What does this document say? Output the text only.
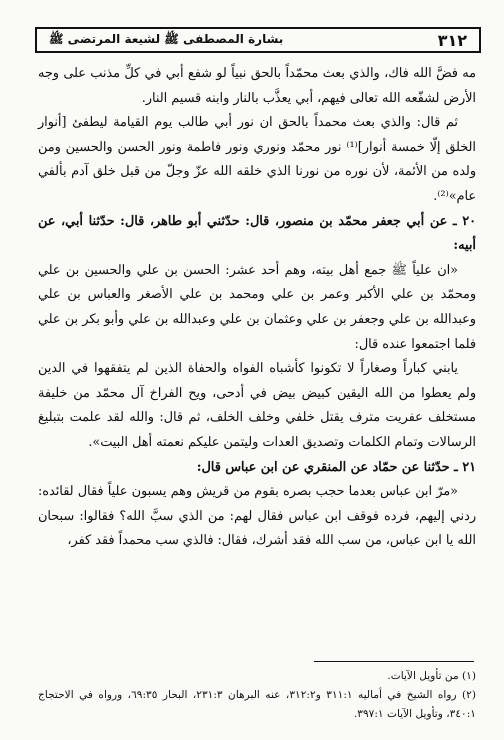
٣١٢
بشارة المصطفى ﷺ لشيعة المرتضى ﷺ

مه فضَّ الله فاك، والذي بعث محمّداً بالحق نبياً لو شفع أبي في كلِّ مذنب على وجه الأرض لشفّعه الله تعالى فيهم، أبي يعذَّب بالنار وابنه قسيم النار.

ثم قال: والذي بعث محمداً بالحق ان نور أبي طالب يوم القيامة ليطفئ [أنوار الخلق إلّا خمسة أنوار]⁽¹⁾ نور محمّد ونوري ونور فاطمة ونور الحسن والحسين ومن ولده من الأئمة، لأن نوره من نورنا الذي خلقه الله عزّ وجلّ من قبل خلق آدم بألفي عام»⁽²⁾.

٢٠ ـ عن أبي جعفر محمّد بن منصور، قال: حدّثني أبو طاهر، قال: حدّثنا أبي، عن أبيه:

«ان علياً ﷺ جمع أهل بيته، وهم أحد عشر: الحسن بن علي والحسين بن علي ومحمّد بن علي الأكبر وعمر بن علي ومحمد بن علي الأصغر والعباس بن علي وعبدالله بن علي وجعفر بن علي وعثمان بن علي وعبدالله بن علي وأبو بكر بن علي فلما اجتمعوا عنده قال:

يابني كباراً وصغاراً لا تكونوا كأشباه الفواه والحفاة الذين لم يتفقهوا في الدين ولم يعطوا من الله اليقين كبيض بيض في أدحى، ويح الفراخ آل محمّد من خليفة مستخلف عفريت مترف يقتل خلفي وخلف الخلف، ثم قال: والله لقد علمت بتبليغ الرسالات وتمام الكلمات وتصديق العدات وليتمن عليكم نعمته أهل البيت».

٢١ ـ حدّثنا عن حمّاد عن المنقري عن ابن عباس قال:

«مرّ ابن عباس بعدما حجب بصره بقوم من قريش وهم يسبون علياً فقال لقائده: ردني إليهم، فرده فوقف ابن عباس فقال لهم: من الذي سبَّ الله؟ فقالوا: سبحان الله يا ابن عباس، من سب الله فقد أشرك، فقال: فالذي سب محمداً فقد كفر،

(١) من تأويل الآيات.

(٢) رواه الشيخ في أماليه ٣١١:١ و٣١٢:٢، عنه البرهان ٢٣١:٣، البحار ٦٩:٣٥، ورواه في الاحتجاج ٣٤٠:١، وتأويل الآيات ٣٩٧:١.
